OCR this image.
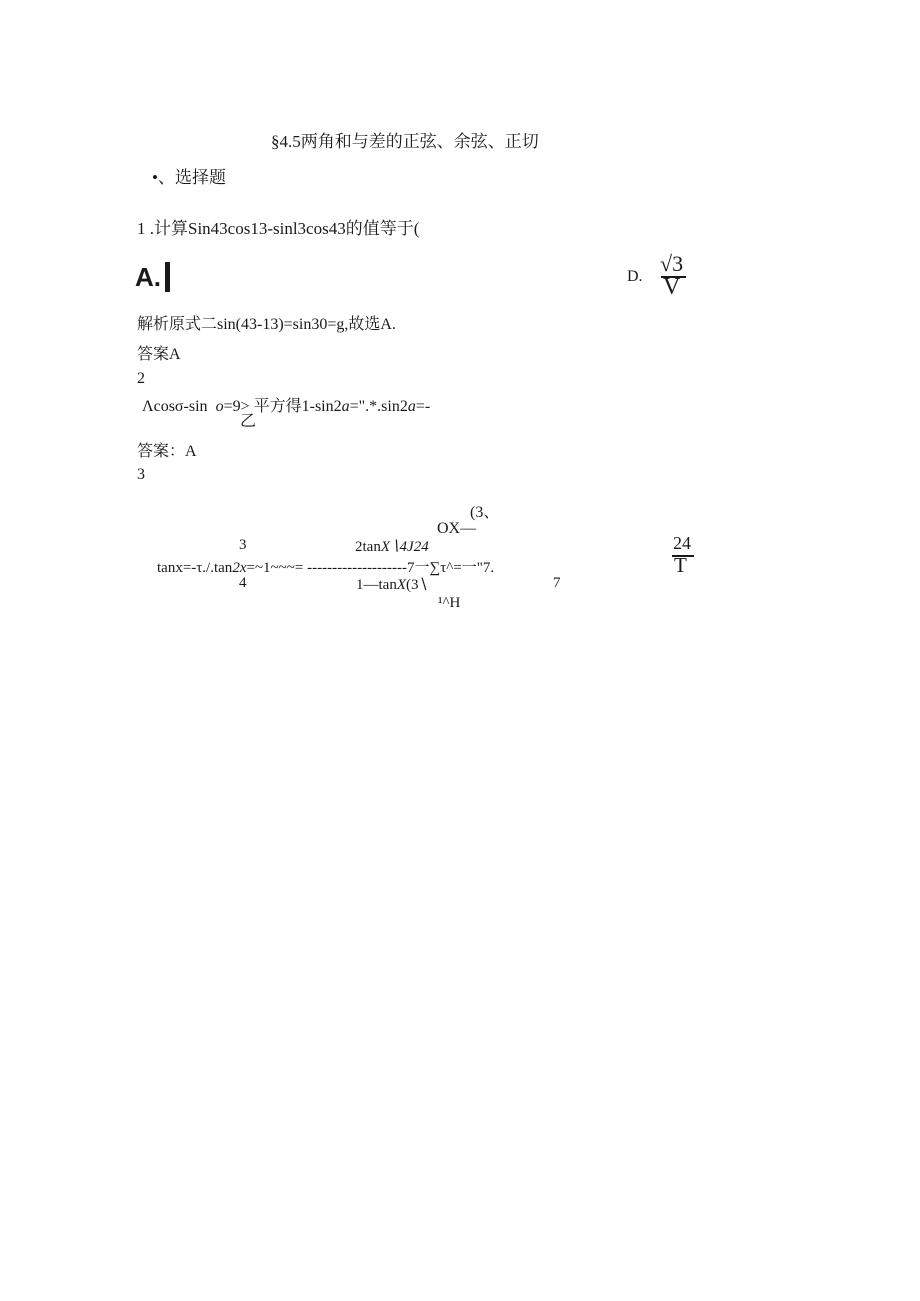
§4.5两角和与差的正弦、余弦、正切
•、选择题
1 .计算Sin43cos13-sinl3cos43的值等于(
A.	D.
√3
V
解析原式二sin(43-13)=sin30=g,故选A.
答案A
2
Λcosσ-sin o=9> 平方得1-sin2a=".*.sin2a=-
乙
答案：A
3
(3、
OX—
3
4
2tanX∖4J24
tanx=-τ./.tan2x=~1~~~= --------------------7一∑τ^=一"7.
1—tanX(3∖	7
¹^H
24
T
